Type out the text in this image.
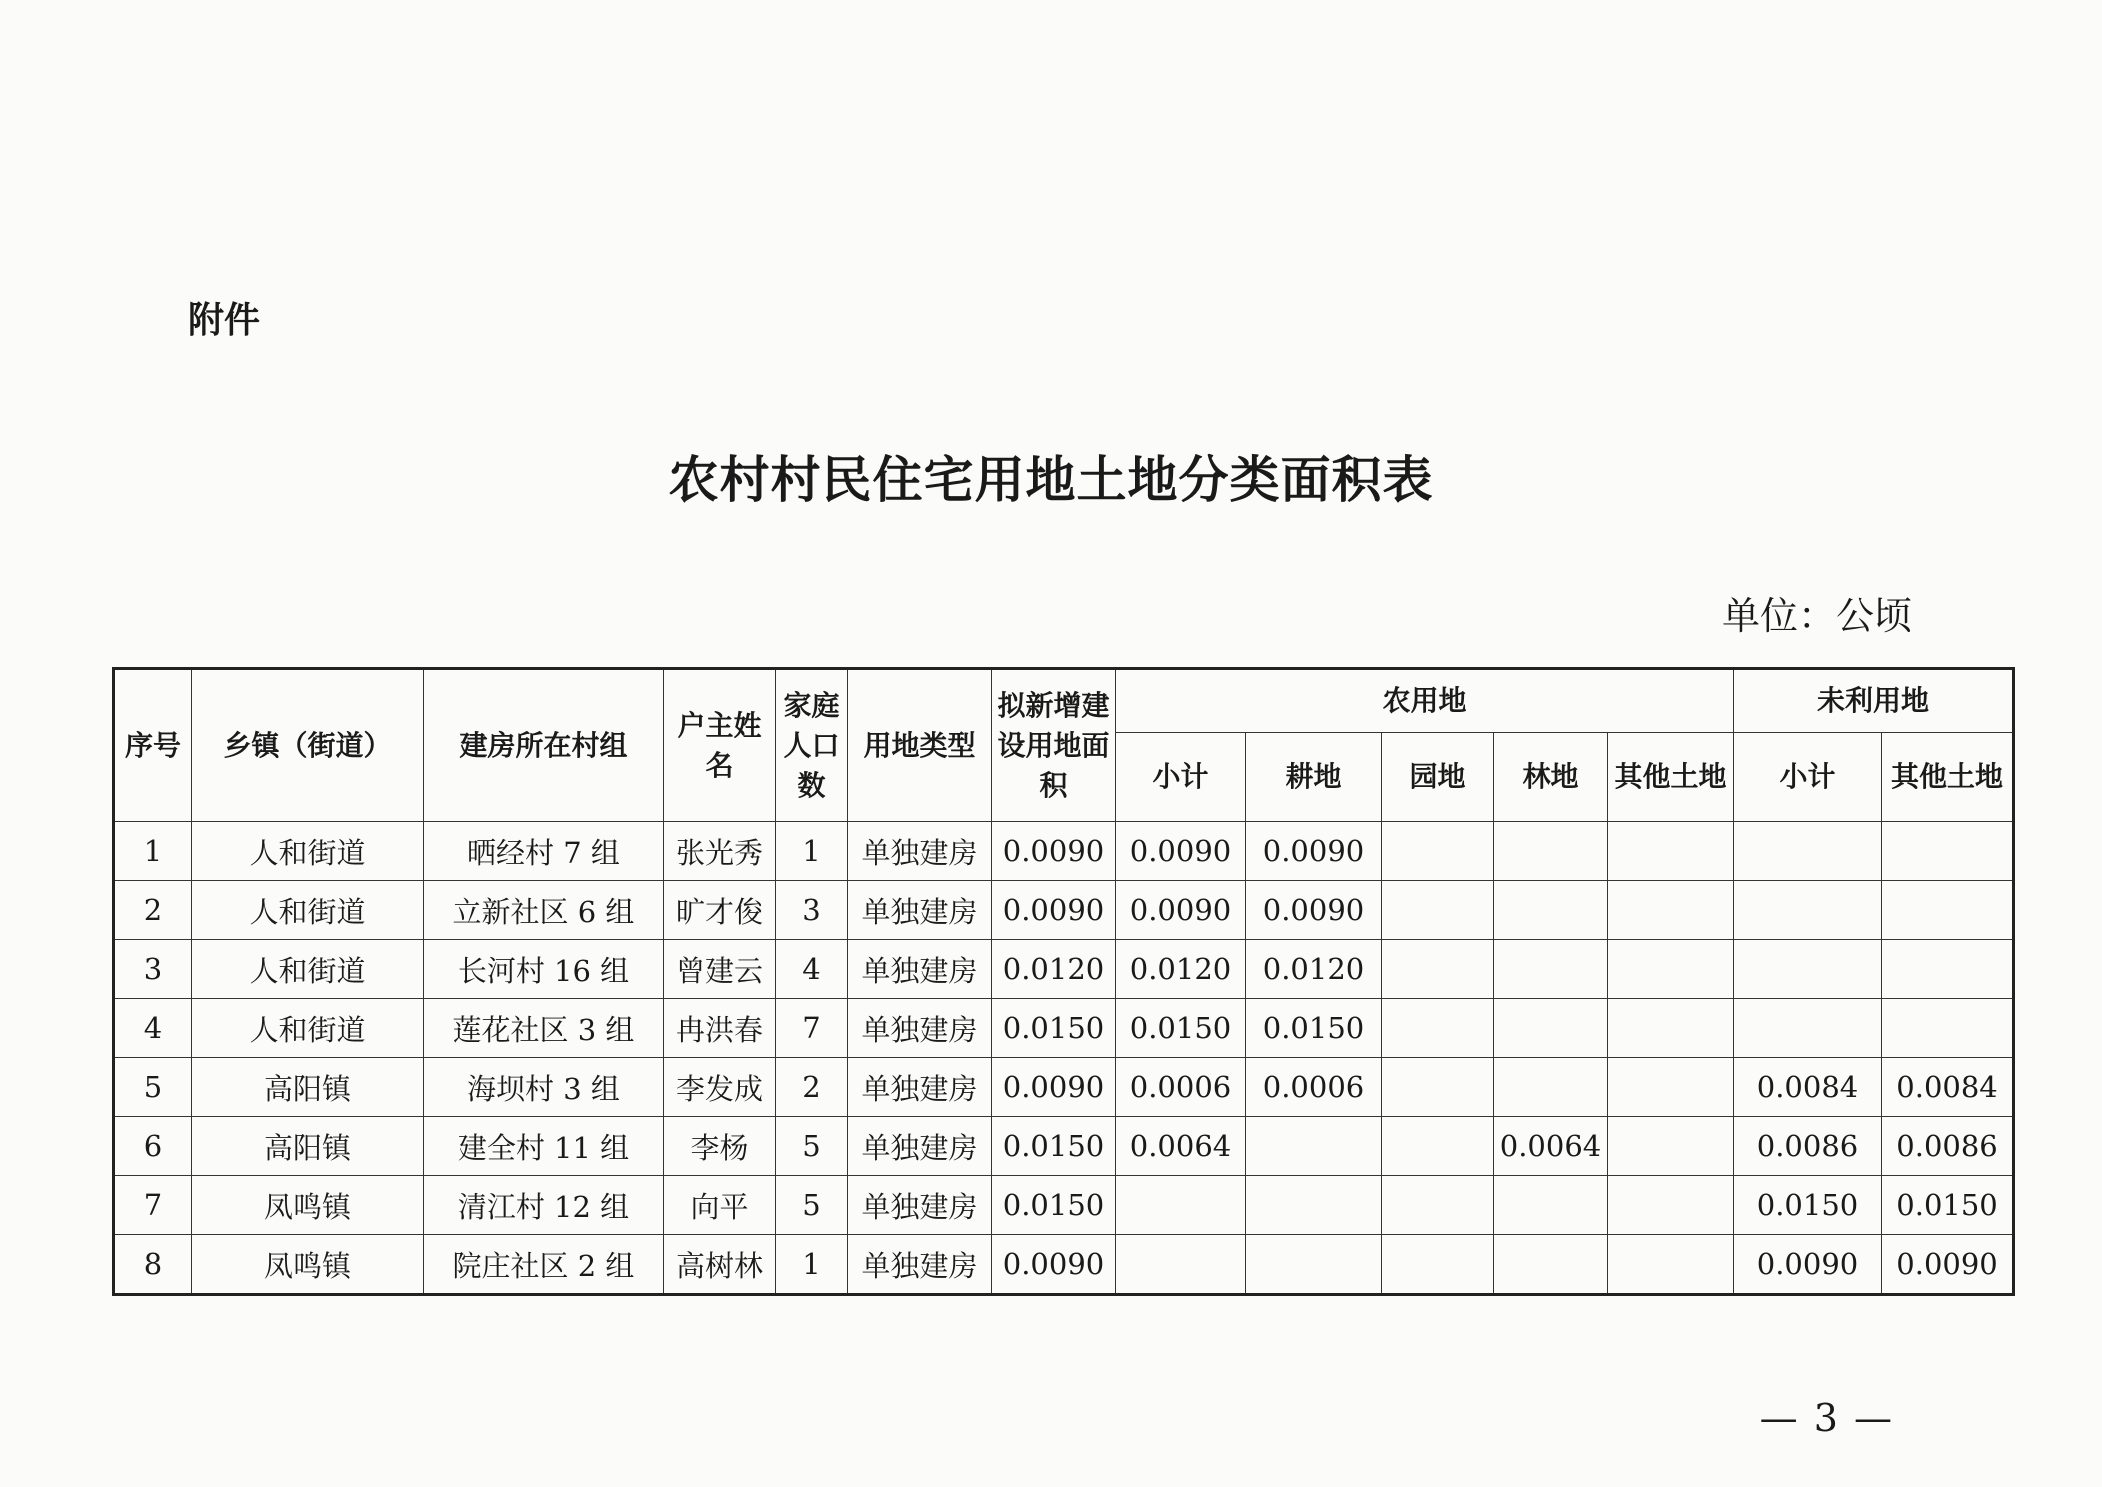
附件
农村村民住宅用地土地分类面积表
单位：公顷
序号	乡镇（街道）	建房所在村组	户主姓名	家庭人口数	用地类型	拟新增建设用地面积	农用地					未利用地	
							小计	耕地	园地	林地	其他土地	小计	其他土地
1	人和街道	晒经村 7 组	张光秀	1	单独建房	0.0090	0.0090	0.0090					
2	人和街道	立新社区 6 组	旷才俊	3	单独建房	0.0090	0.0090	0.0090					
3	人和街道	长河村 16 组	曾建云	4	单独建房	0.0120	0.0120	0.0120					
4	人和街道	莲花社区 3 组	冉洪春	7	单独建房	0.0150	0.0150	0.0150					
5	高阳镇	海坝村 3 组	李发成	2	单独建房	0.0090	0.0006	0.0006				0.0084	0.0084
6	高阳镇	建全村 11 组	李杨	5	单独建房	0.0150	0.0064			0.0064		0.0086	0.0086
7	凤鸣镇	清江村 12 组	向平	5	单独建房	0.0150						0.0150	0.0150
8	凤鸣镇	院庄社区 2 组	高树林	1	单独建房	0.0090						0.0090	0.0090
— 3 —
